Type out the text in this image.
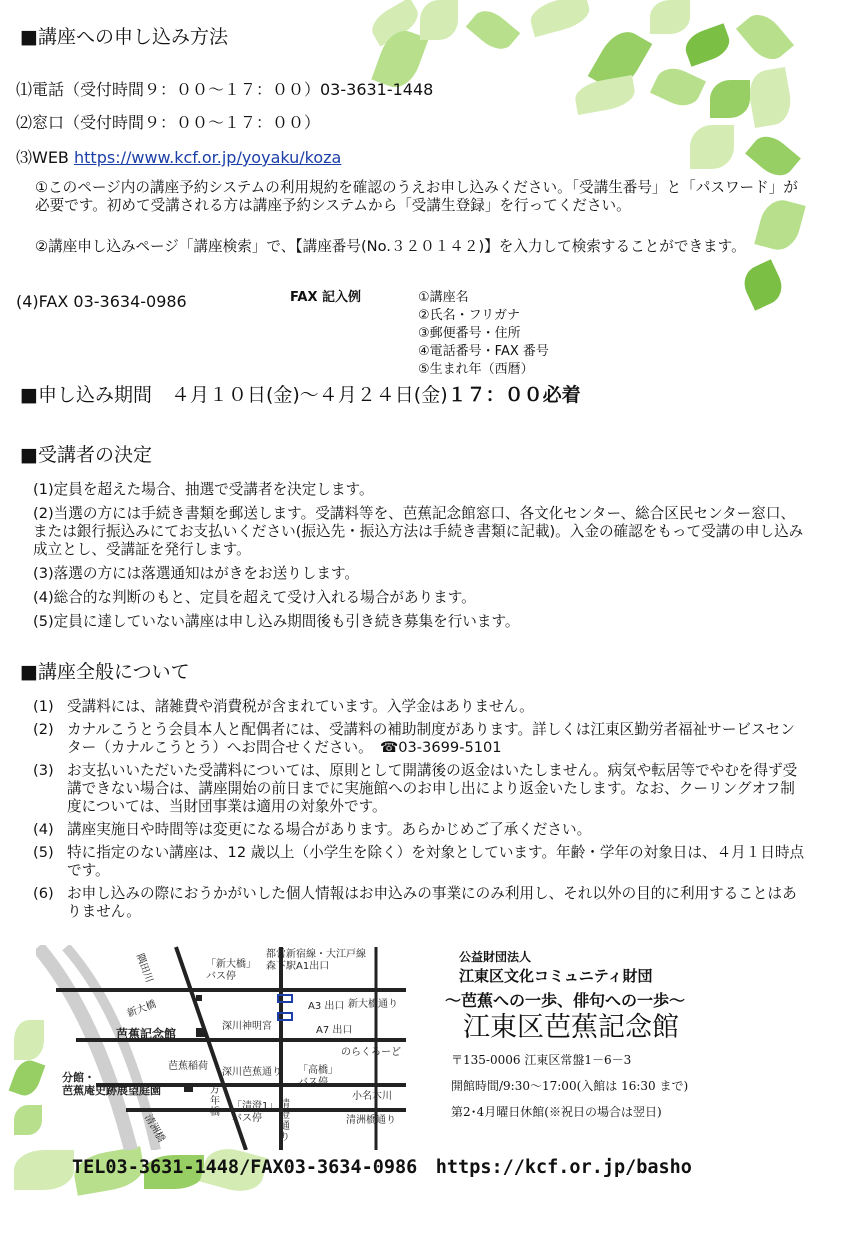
■講座への申し込み方法
⑴電話（受付時間９：００～１７：００）03-3631-1448
⑵窓口（受付時間９：００～１７：００）
⑶WEB https://www.kcf.or.jp/yoyaku/koza
①このページ内の講座予約システムの利用規約を確認のうえお申し込みください。「受講生番号」と「パスワード」が必要です。初めて受講される方は講座予約システムから「受講生登録」を行ってください。
②講座申し込みページ「講座検索」で、【講座番号(No.３２０１４２)】を入力して検索することができます。
(4)FAX 03-3634-0986	FAX 記入例	①講座名
②氏名・フリガナ
③郵便番号・住所
④電話番号・FAX 番号
⑤生まれ年（西暦）
■申し込み期間　４月１０日(金)～４月２４日(金)１７：００必着
■受講者の決定
(1)定員を超えた場合、抽選で受講者を決定します。
(2)当選の方には手続き書類を郵送します。受講料等を、芭蕉記念館窓口、各文化センター、総合区民センター窓口、または銀行振込みにてお支払いください(振込先・振込方法は手続き書類に記載)。入金の確認をもって受講の申し込み成立とし、受講証を発行します。
(3)落選の方には落選通知はがきをお送りします。
(4)総合的な判断のもと、定員を超えて受け入れる場合があります。
(5)定員に達していない講座は申し込み期間後も引き続き募集を行います。
■講座全般について
(1) 受講料には、諸雑費や消費税が含まれています。入学金はありません。
(2) カナルこうとう会員本人と配偶者には、受講料の補助制度があります。詳しくは江東区勤労者福祉サービスセンター（カナルこうとう）へお問合せください。　☎03-3699-5101
(3) お支払いいただいた受講料については、原則として開講後の返金はいたしません。病気や転居等でやむを得ず受講できない場合は、講座開始の前日までに実施館へのお申し出により返金いたします。なお、クーリングオフ制度については、当財団事業は適用の対象外です。
(4) 講座実施日や時間等は変更になる場合があります。あらかじめご了承ください。
(5) 特に指定のない講座は、12 歳以上（小学生を除く）を対象としています。年齢・学年の対象日は、４月１日時点です。
(6) お申し込みの際におうかがいした個人情報はお申込みの事業にのみ利用し、それ以外の目的に利用することはありません。
隅田川
新大橋
「新大橋」
バス停
都営新宿線・大江戸線
森下駅A1出口
A3 出口
A7 出口
新大橋通り
深川神明宮
芭蕉記念館
芭蕉稲荷
深川芭蕉通り 「高橋」
バス停
のらくろーど
小名木川
分館・
芭蕉庵史跡展望庭園	万年橋
「清澄1」
バス停
清澄通り
清洲橋	清洲橋通り
公益財団法人
江東区文化コミュニティ財団
～芭蕉への一歩、俳句への一歩～
江東区芭蕉記念館
〒135-0006 江東区常盤1－6－3
開館時間/9:30～17:00(入館は 16:30 まで)
第2･4月曜日休館(※祝日の場合は翌日)
TEL03-3631-1448/FAX03-3634-0986　https://kcf.or.jp/basho
